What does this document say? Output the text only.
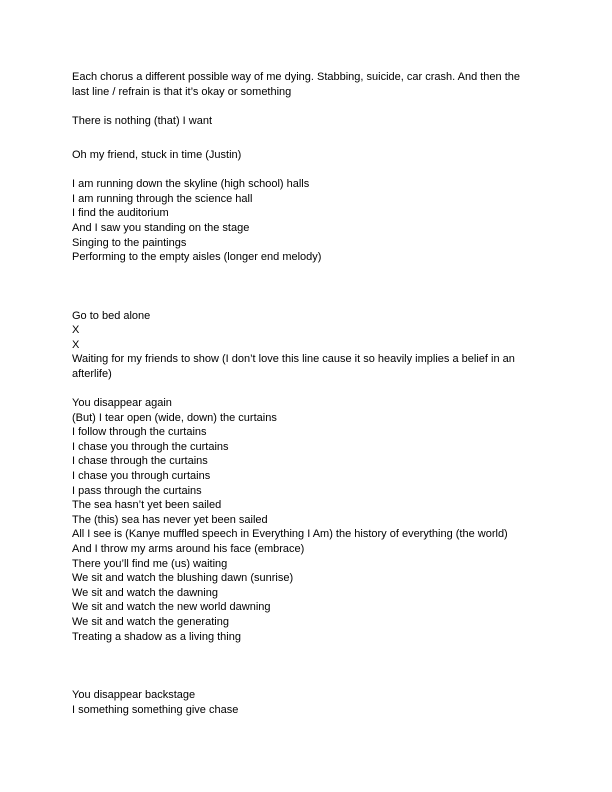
Each chorus a different possible way of me dying. Stabbing, suicide, car crash. And then the last line / refrain is that it’s okay or something

There is nothing (that) I want

Oh my friend, stuck in time (Justin)

I am running down the skyline (high school) halls
I am running through the science hall
I find the auditorium
And I saw you standing on the stage
Singing to the paintings
Performing to the empty aisles (longer end melody)
Go to bed alone
X
X

Waiting for my friends to show (I don’t love this line cause it so heavily implies a belief in an afterlife)

You disappear again
(But) I tear open (wide, down) the curtains
I follow through the curtains
I chase you through the curtains
I chase through the curtains
I chase you through curtains
I pass through the curtains
The sea hasn’t yet been sailed
The (this) sea has never yet been sailed
All I see is (Kanye muffled speech in Everything I Am) the history of everything (the world)
And I throw my arms around his face (embrace)
There you’ll find me (us) waiting
We sit and watch the blushing dawn (sunrise)
We sit and watch the dawning
We sit and watch the new world dawning
We sit and watch the generating
Treating a shadow as a living thing
You disappear backstage
I something something give chase
